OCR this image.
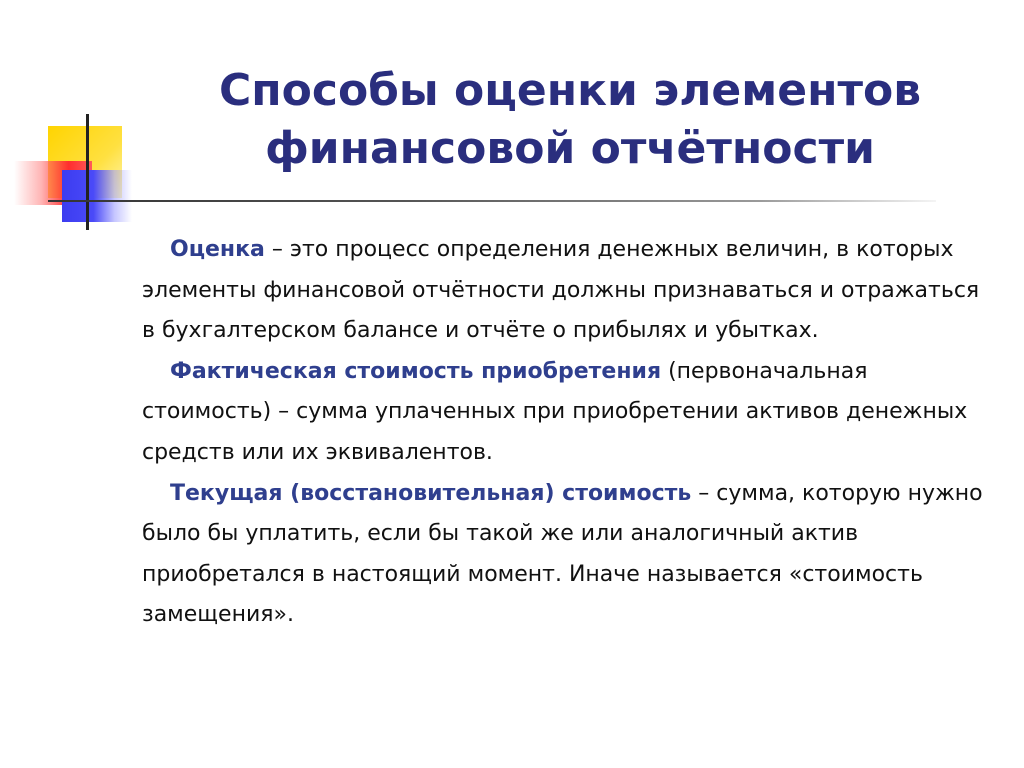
Способы оценки элементов
финансовой отчётности

Оценка – это процесс определения денежных величин, в которых элементы финансовой отчётности должны признаваться и отражаться в бухгалтерском балансе и отчёте о прибылях и убытках.

Фактическая стоимость приобретения (первоначальная стоимость) – сумма уплаченных при приобретении активов денежных средств или их эквивалентов.

Текущая (восстановительная) стоимость – сумма, которую нужно было бы уплатить, если бы такой же или аналогичный актив приобретался в настоящий момент. Иначе называется «стоимость замещения».
